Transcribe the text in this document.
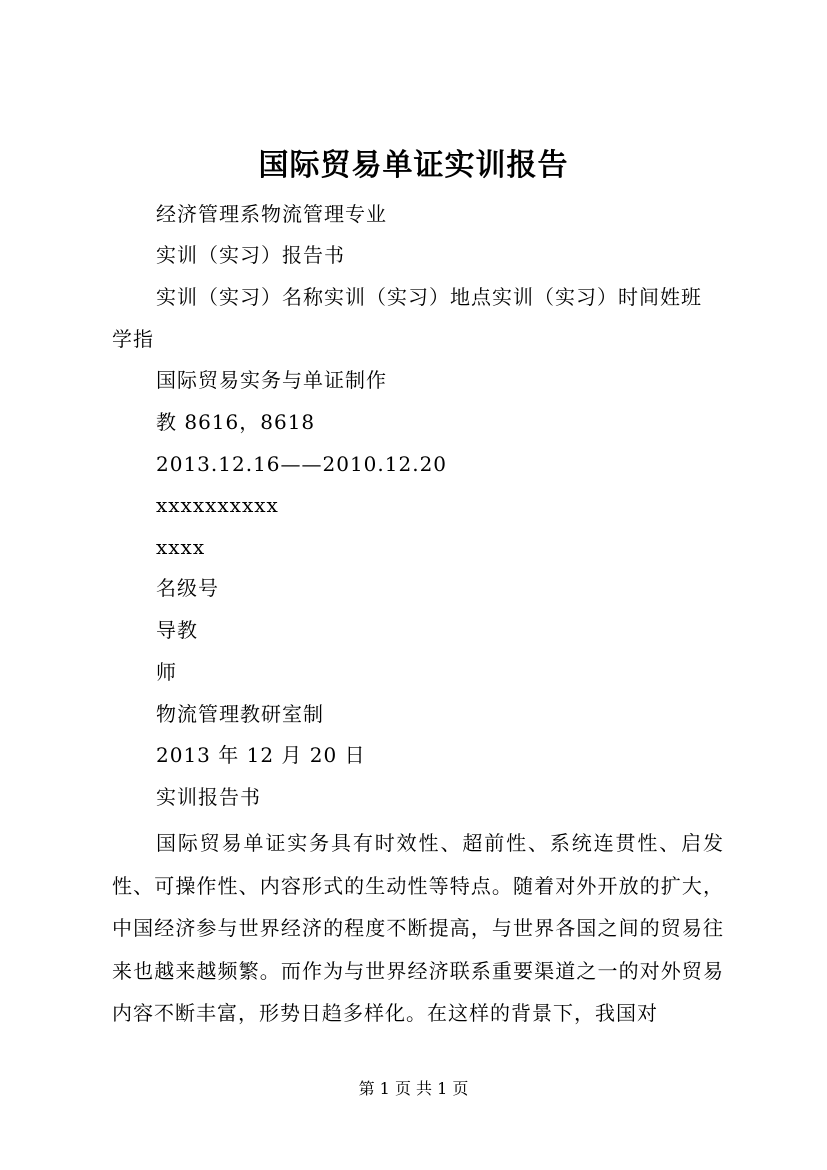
国际贸易单证实训报告
经济管理系物流管理专业
实训（实习）报告书
实训（实习）名称实训（实习）地点实训（实习）时间姓班
学指
国际贸易实务与单证制作
教 8616，8618
2013.12.16——2010.12.20
xxxxxxxxxx
xxxx
名级号
导教
师
物流管理教研室制
2013 年 12 月 20 日
实训报告书
国际贸易单证实务具有时效性、超前性、系统连贯性、启发性、可操作性、内容形式的生动性等特点。随着对外开放的扩大，中国经济参与世界经济的程度不断提高，与世界各国之间的贸易往来也越来越频繁。而作为与世界经济联系重要渠道之一的对外贸易内容不断丰富，形势日趋多样化。在这样的背景下，我国对
第 1 页 共 1 页
